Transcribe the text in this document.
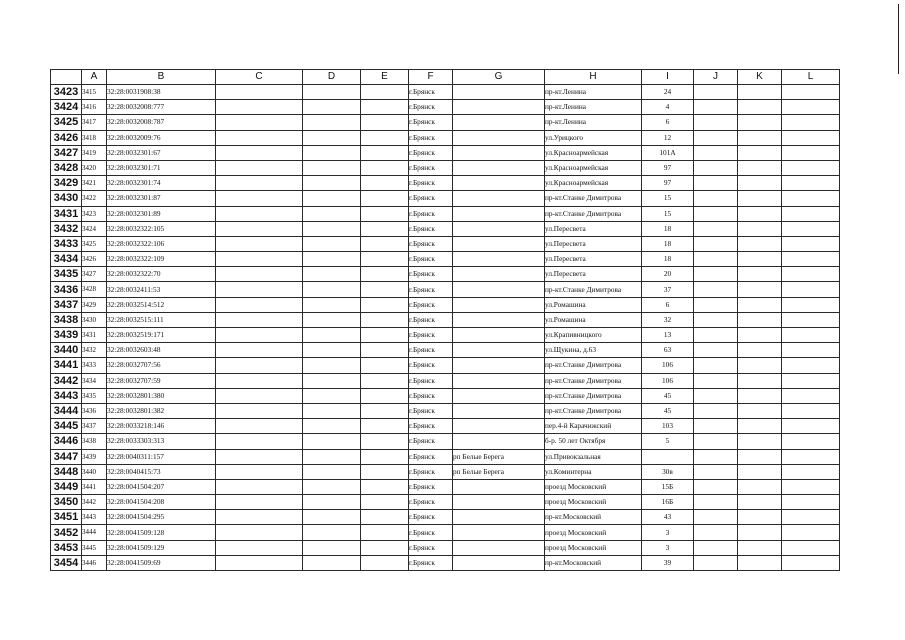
	A	B	C	D	E	F	G	H	I	J	K	L
3423	3415	32:28:0031908:38				г.Брянск		пр-кт.Ленина	24			
3424	3416	32:28:0032008:777				г.Брянск		пр-кт.Ленина	4			
3425	3417	32:28:0032008:787				г.Брянск		пр-кт.Ленина	6			
3426	3418	32:28:0032009:76				г.Брянск		ул.Урицкого	12			
3427	3419	32:28:0032301:67				г.Брянск		ул.Красноармейская	101А			
3428	3420	32:28:0032301:71				г.Брянск		ул.Красноармейская	97			
3429	3421	32:28:0032301:74				г.Брянск		ул.Красноармейская	97			
3430	3422	32:28:0032301:87				г.Брянск		пр-кт.Станке Димитрова	15			
3431	3423	32:28:0032301:89				г.Брянск		пр-кт.Станке Димитрова	15			
3432	3424	32:28:0032322:105				г.Брянск		ул.Пересвета	18			
3433	3425	32:28:0032322:106				г.Брянск		ул.Пересвета	18			
3434	3426	32:28:0032322:109				г.Брянск		ул.Пересвета	18			
3435	3427	32:28:0032322:70				г.Брянск		ул.Пересвета	20			
3436	3428	32:28:0032411:53				г.Брянск		пр-кт.Станке Димитрова	37			
3437	3429	32:28:0032514:512				г.Брянск		ул.Ромашина	6			
3438	3430	32:28:0032515:111				г.Брянск		ул.Ромашина	32			
3439	3431	32:28:0032519:171				г.Брянск		ул.Крапивницкого	13			
3440	3432	32:28:0032603:48				г.Брянск		ул.Щукина, д.63	63			
3441	3433	32:28:0032707:56				г.Брянск		пр-кт.Станке Димитрова	106			
3442	3434	32:28:0032707:59				г.Брянск		пр-кт.Станке Димитрова	106			
3443	3435	32:28:0032801:380				г.Брянск		пр-кт.Станке Димитрова	45			
3444	3436	32:28:0032801:382				г.Брянск		пр-кт.Станке Димитрова	45			
3445	3437	32:28:0033218:146				г.Брянск		пер.4-й Карачижский	103			
3446	3438	32:28:0033303:313				г.Брянск		б-р. 50 лет Октября	5			
3447	3439	32:28:0040311:157				г.Брянск	рп Белые Берега	ул.Привокзальная				
3448	3440	32:28:0040415:73				г.Брянск	рп Белые Берега	ул.Коминтерна	30в			
3449	3441	32:28:0041504:207				г.Брянск		проезд Московский	15Б			
3450	3442	32:28:0041504:208				г.Брянск		проезд Московский	16Б			
3451	3443	32:28:0041504:295				г.Брянск		пр-кт.Московский	43			
3452	3444	32:28:0041509:128				г.Брянск		проезд Московский	3			
3453	3445	32:28:0041509:129				г.Брянск		проезд Московский	3			
3454	3446	32:28:0041509:69				г.Брянск		пр-кт.Московский	39			
